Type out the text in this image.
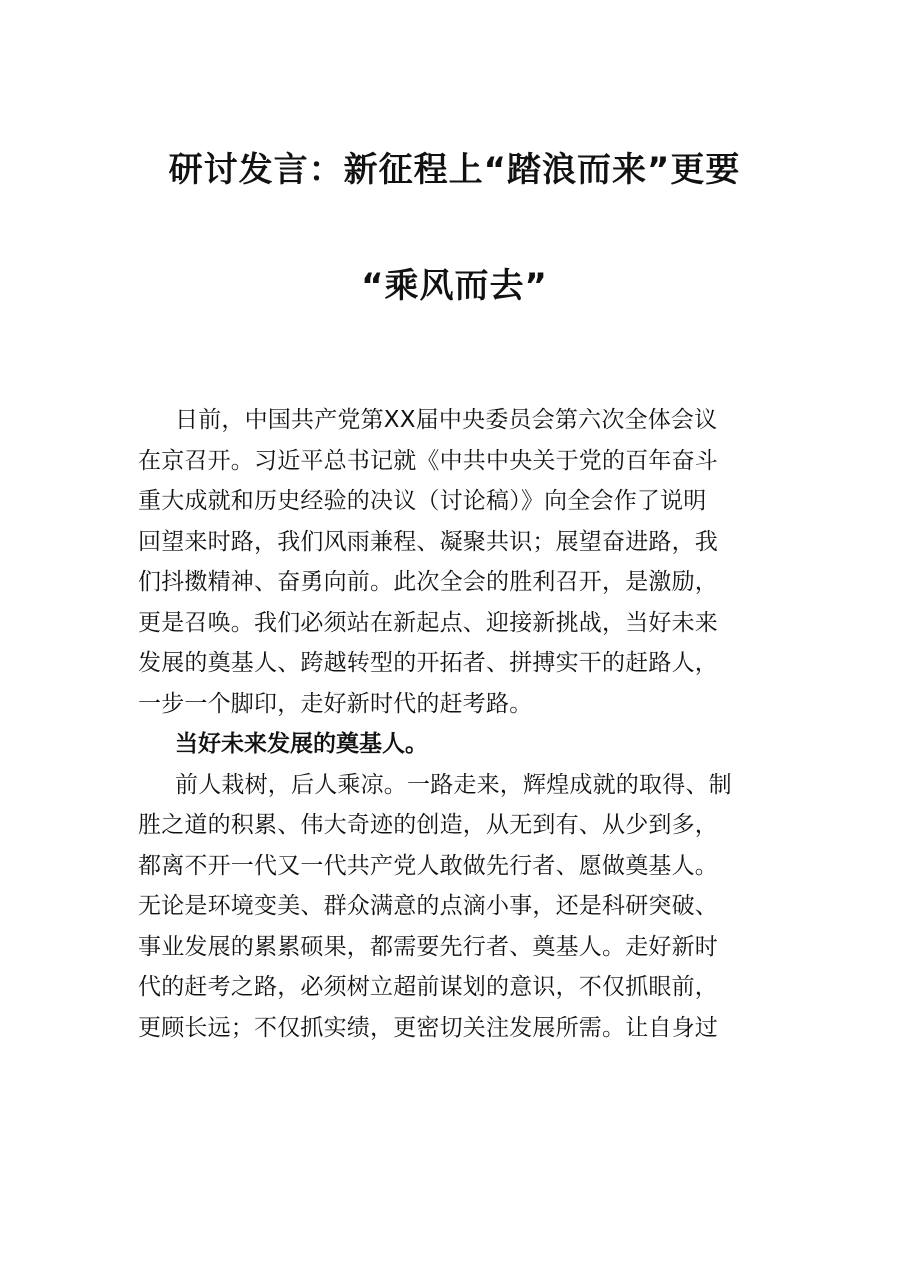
研讨发言：新征程上“踏浪而来”更要
“乘风而去”
日前，中国共产党第XX届中央委员会第六次全体会议
在京召开。习近平总书记就《中共中央关于党的百年奋斗
重大成就和历史经验的决议（讨论稿）》向全会作了说明
回望来时路，我们风雨兼程、凝聚共识；展望奋进路，我
们抖擞精神、奋勇向前。此次全会的胜利召开，是激励，
更是召唤。我们必须站在新起点、迎接新挑战，当好未来
发展的奠基人、跨越转型的开拓者、拼搏实干的赶路人，
一步一个脚印，走好新时代的赶考路。
当好未来发展的奠基人。
前人栽树，后人乘凉。一路走来，辉煌成就的取得、制
胜之道的积累、伟大奇迹的创造，从无到有、从少到多，
都离不开一代又一代共产党人敢做先行者、愿做奠基人。
无论是环境变美、群众满意的点滴小事，还是科研突破、
事业发展的累累硕果，都需要先行者、奠基人。走好新时
代的赶考之路，必须树立超前谋划的意识，不仅抓眼前，
更顾长远；不仅抓实绩，更密切关注发展所需。让自身过
